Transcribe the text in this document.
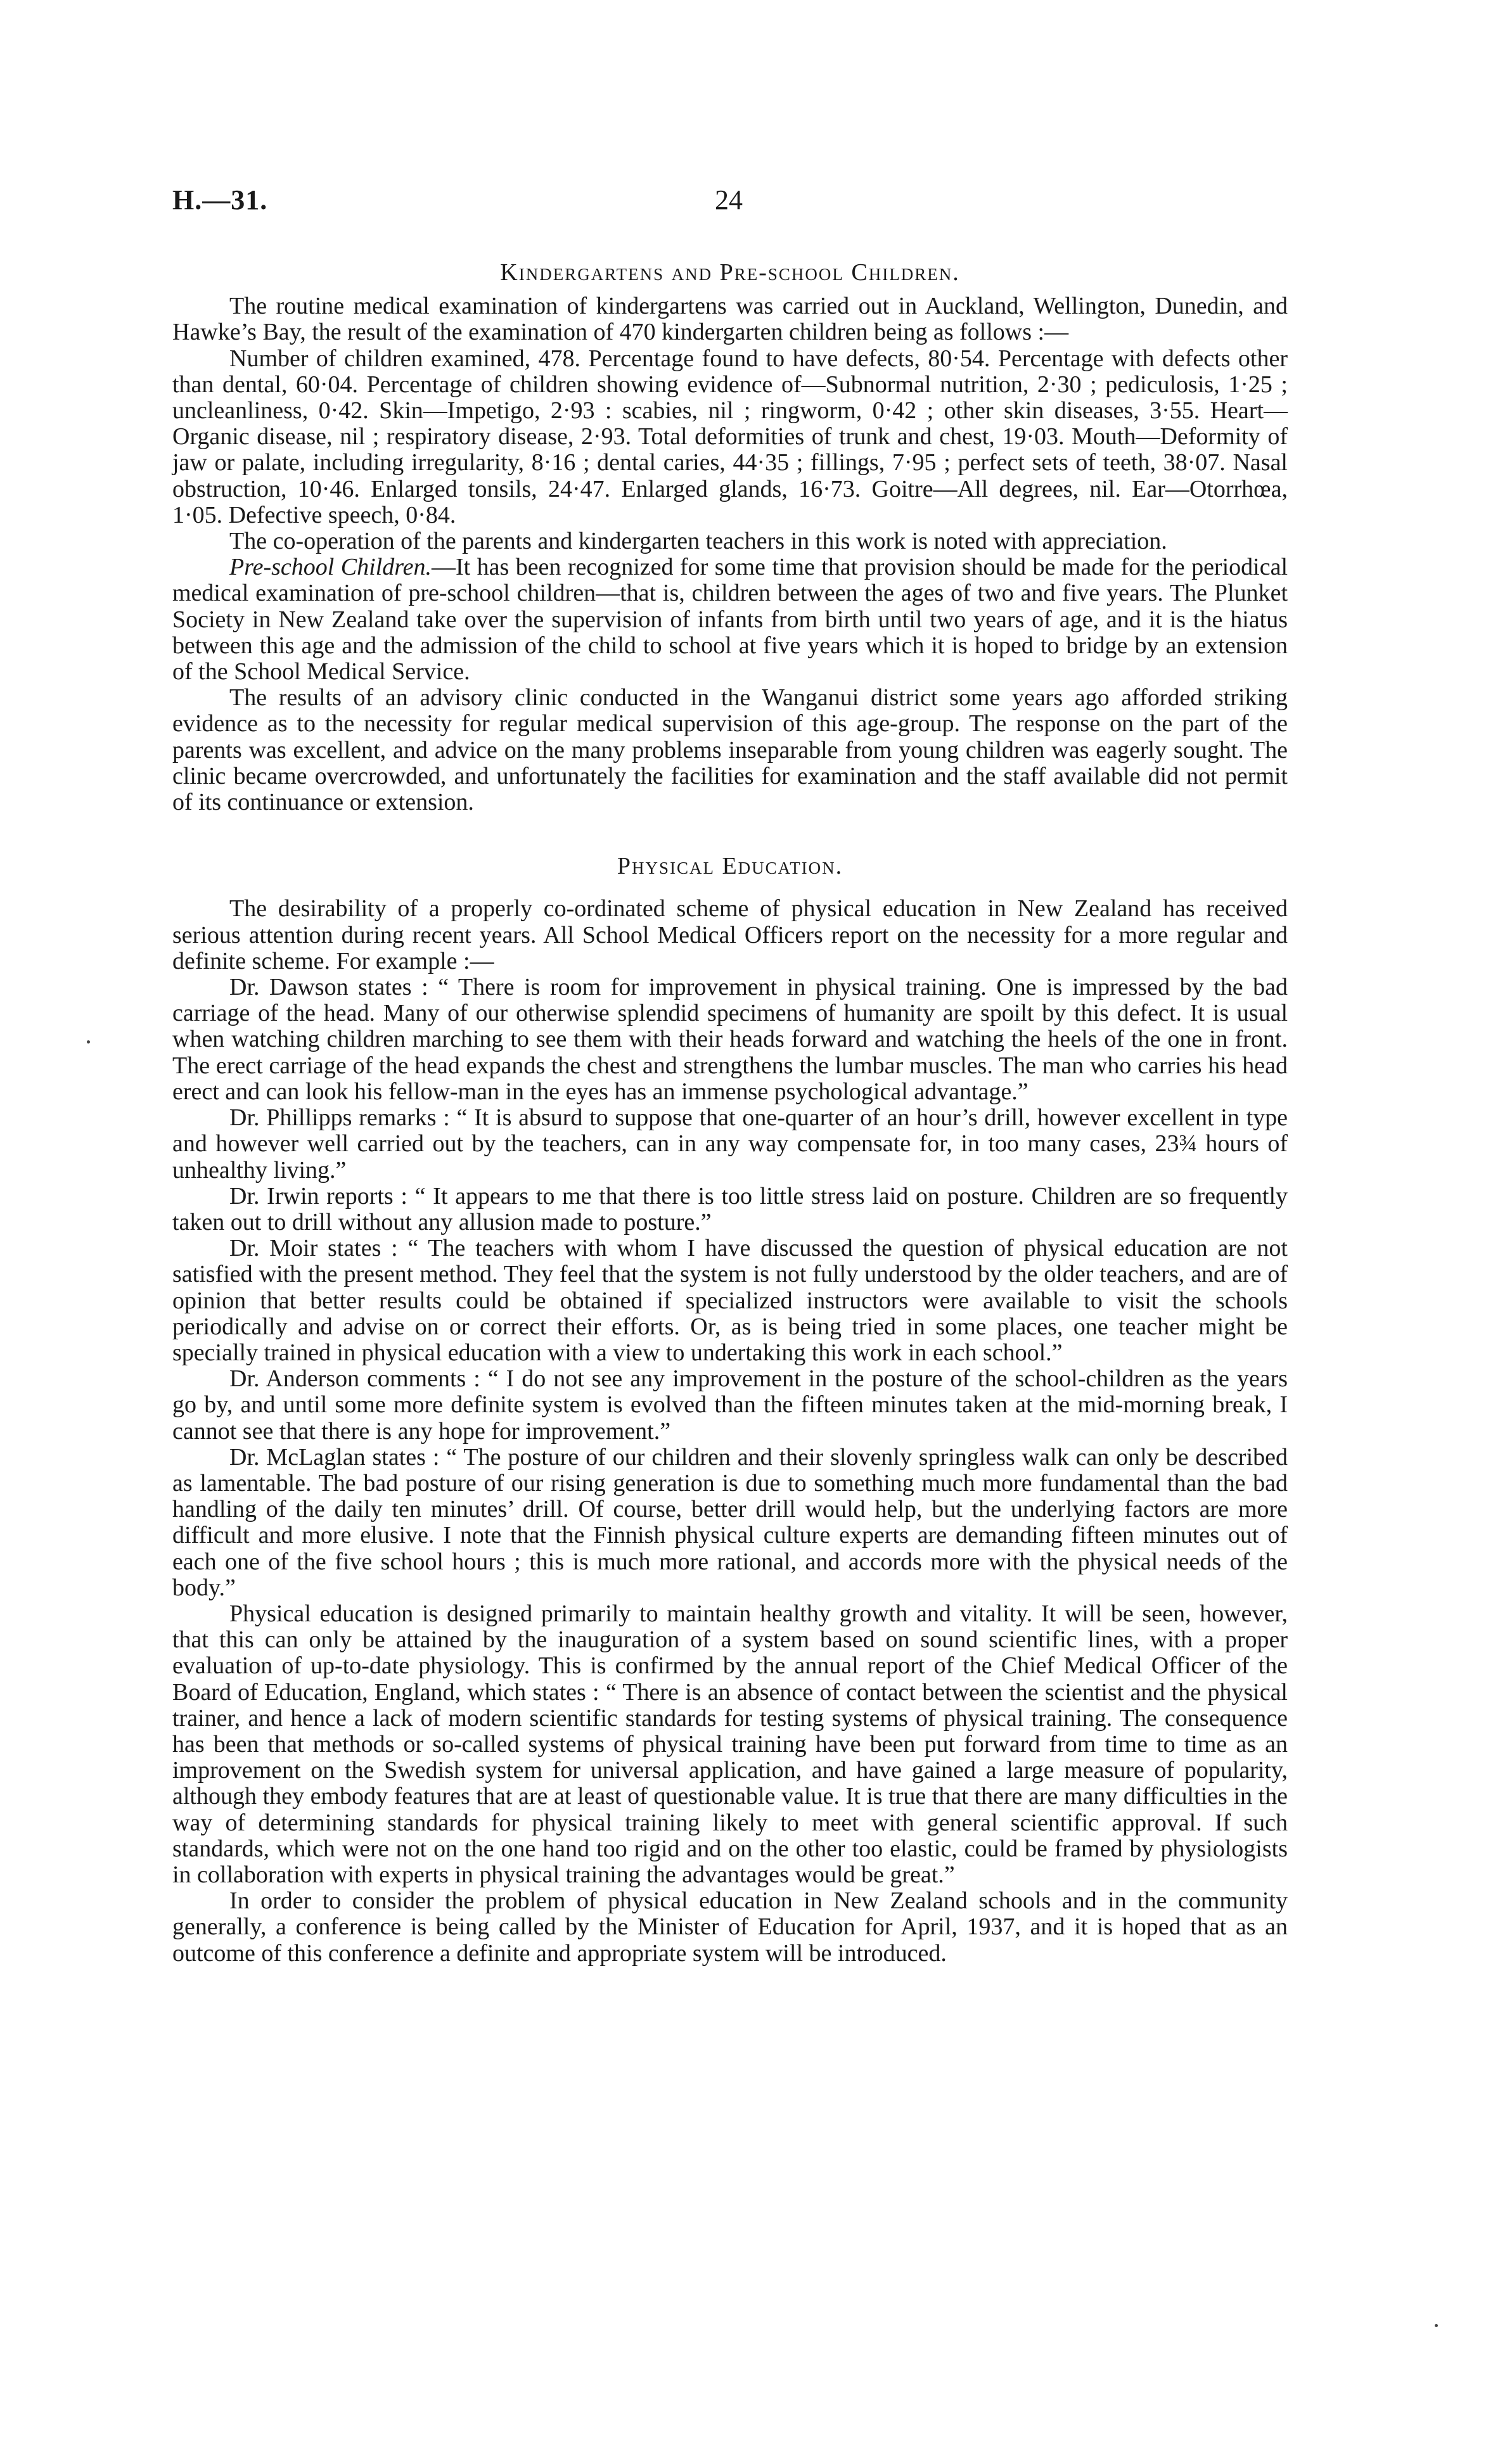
H.—31.	24
Kindergartens and Pre-school Children.

The routine medical examination of kindergartens was carried out in Auckland, Wellington, Dunedin, and Hawke’s Bay, the result of the examination of 470 kindergarten children being as follows :—

Number of children examined, 478. Percentage found to have defects, 80·54. Percentage with defects other than dental, 60·04. Percentage of children showing evidence of—Subnormal nutrition, 2·30 ; pediculosis, 1·25 ; uncleanliness, 0·42. Skin—Impetigo, 2·93 : scabies, nil ; ringworm, 0·42 ; other skin diseases, 3·55. Heart—Organic disease, nil ; respiratory disease, 2·93. Total deformities of trunk and chest, 19·03. Mouth—Deformity of jaw or palate, including irregularity, 8·16 ; dental caries, 44·35 ; fillings, 7·95 ; perfect sets of teeth, 38·07. Nasal obstruction, 10·46. Enlarged tonsils, 24·47. Enlarged glands, 16·73. Goitre—All degrees, nil. Ear—Otorrhœa, 1·05. Defective speech, 0·84.

The co-operation of the parents and kindergarten teachers in this work is noted with appreciation.

Pre-school Children.—It has been recognized for some time that provision should be made for the periodical medical examination of pre-school children—that is, children between the ages of two and five years. The Plunket Society in New Zealand take over the supervision of infants from birth until two years of age, and it is the hiatus between this age and the admission of the child to school at five years which it is hoped to bridge by an extension of the School Medical Service.

The results of an advisory clinic conducted in the Wanganui district some years ago afforded striking evidence as to the necessity for regular medical supervision of this age-group. The response on the part of the parents was excellent, and advice on the many problems inseparable from young children was eagerly sought. The clinic became overcrowded, and unfortunately the facilities for examination and the staff available did not permit of its continuance or extension.

Physical Education.

The desirability of a properly co-ordinated scheme of physical education in New Zealand has received serious attention during recent years. All School Medical Officers report on the necessity for a more regular and definite scheme. For example :—

Dr. Dawson states : “ There is room for improvement in physical training. One is impressed by the bad carriage of the head. Many of our otherwise splendid specimens of humanity are spoilt by this defect. It is usual when watching children marching to see them with their heads forward and watching the heels of the one in front. The erect carriage of the head expands the chest and strengthens the lumbar muscles. The man who carries his head erect and can look his fellow-man in the eyes has an immense psychological advantage.”

Dr. Phillipps remarks : “ It is absurd to suppose that one-quarter of an hour’s drill, however excellent in type and however well carried out by the teachers, can in any way compensate for, in too many cases, 23¾ hours of unhealthy living.”

Dr. Irwin reports : “ It appears to me that there is too little stress laid on posture. Children are so frequently taken out to drill without any allusion made to posture.”

Dr. Moir states : “ The teachers with whom I have discussed the question of physical education are not satisfied with the present method. They feel that the system is not fully understood by the older teachers, and are of opinion that better results could be obtained if specialized instructors were available to visit the schools periodically and advise on or correct their efforts. Or, as is being tried in some places, one teacher might be specially trained in physical education with a view to undertaking this work in each school.”

Dr. Anderson comments : “ I do not see any improvement in the posture of the school-children as the years go by, and until some more definite system is evolved than the fifteen minutes taken at the mid-morning break, I cannot see that there is any hope for improvement.”

Dr. McLaglan states : “ The posture of our children and their slovenly springless walk can only be described as lamentable. The bad posture of our rising generation is due to something much more fundamental than the bad handling of the daily ten minutes’ drill. Of course, better drill would help, but the underlying factors are more difficult and more elusive. I note that the Finnish physical culture experts are demanding fifteen minutes out of each one of the five school hours ; this is much more rational, and accords more with the physical needs of the body.”

Physical education is designed primarily to maintain healthy growth and vitality. It will be seen, however, that this can only be attained by the inauguration of a system based on sound scientific lines, with a proper evaluation of up-to-date physiology. This is confirmed by the annual report of the Chief Medical Officer of the Board of Education, England, which states : “ There is an absence of contact between the scientist and the physical trainer, and hence a lack of modern scientific standards for testing systems of physical training. The consequence has been that methods or so-called systems of physical training have been put forward from time to time as an improvement on the Swedish system for universal application, and have gained a large measure of popularity, although they embody features that are at least of questionable value. It is true that there are many difficulties in the way of determining standards for physical training likely to meet with general scientific approval. If such standards, which were not on the one hand too rigid and on the other too elastic, could be framed by physiologists in collaboration with experts in physical training the advantages would be great.”

In order to consider the problem of physical education in New Zealand schools and in the community generally, a conference is being called by the Minister of Education for April, 1937, and it is hoped that as an outcome of this conference a definite and appropriate system will be introduced.
